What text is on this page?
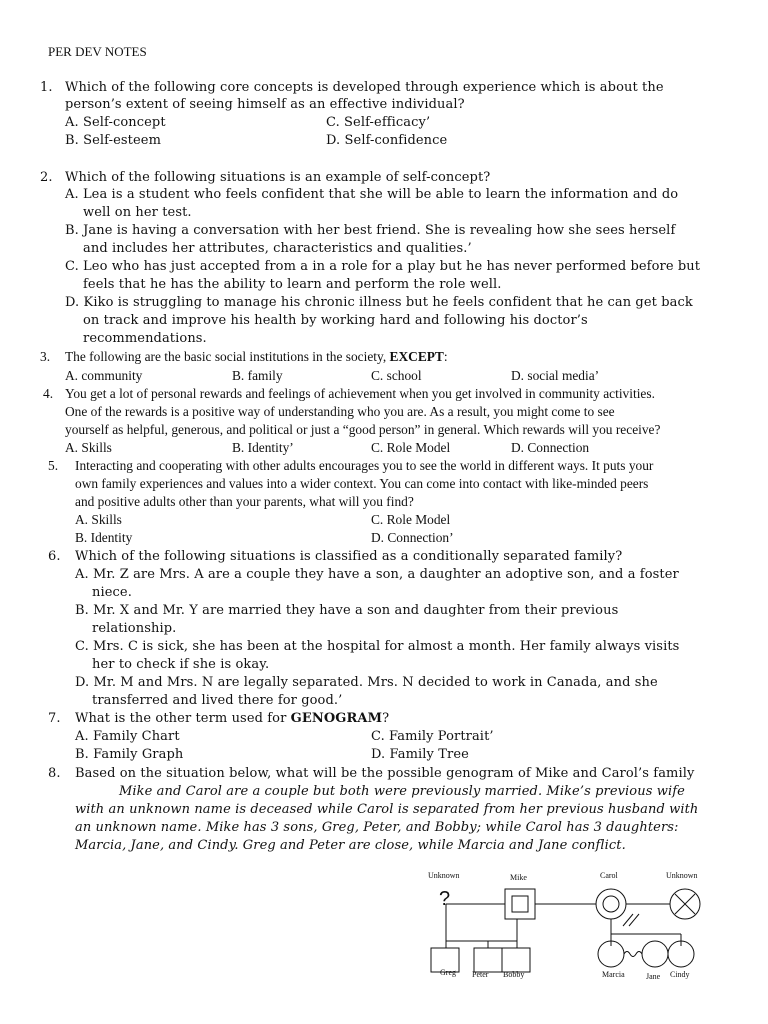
PER DEV NOTES
1. Which of the following core concepts is developed through experience which is about the
person’s extent of seeing himself as an effective individual?
A. Self-concept
B. Self-esteem
C. Self-efficacy’
D. Self-confidence
2. Which of the following situations is an example of self-concept?
A. Lea is a student who feels confident that she will be able to learn the information and do
well on her test.
B. Jane is having a conversation with her best friend. She is revealing how she sees herself
and includes her attributes, characteristics and qualities.’
C. Leo who has just accepted from a in a role for a play but he has never performed before but
feels that he has the ability to learn and perform the role well.
D. Kiko is struggling to manage his chronic illness but he feels confident that he can get back
on track and improve his health by working hard and following his doctor’s
recommendations.
3. The following are the basic social institutions in the society, EXCEPT:
A. community	B. family	C. school	D. social media’
4. You get a lot of personal rewards and feelings of achievement when you get involved in community activities.
One of the rewards is a positive way of understanding who you are. As a result, you might come to see
yourself as helpful, generous, and political or just a “good person” in general. Which rewards will you receive?
A. Skills	B. Identity’	C. Role Model	D. Connection
5. Interacting and cooperating with other adults encourages you to see the world in different ways. It puts your
own family experiences and values into a wider context. You can come into contact with like-minded peers
and positive adults other than your parents, what will you find?
A. Skills
B. Identity
C. Role Model
D. Connection’
6. Which of the following situations is classified as a conditionally separated family?
A. Mr. Z are Mrs. A are a couple they have a son, a daughter an adoptive son, and a foster
niece.
B. Mr. X and Mr. Y are married they have a son and daughter from their previous
relationship.
C. Mrs. C is sick, she has been at the hospital for almost a month. Her family always visits
her to check if she is okay.
D. Mr. M and Mrs. N are legally separated. Mrs. N decided to work in Canada, and she
transferred and lived there for good.’
7. What is the other term used for GENOGRAM?
A. Family Chart
B. Family Graph
C. Family Portrait’
D. Family Tree
8. Based on the situation below, what will be the possible genogram of Mike and Carol’s family
Mike and Carol are a couple but both were previously married. Mike’s previous wife
with an unknown name is deceased while Carol is separated from her previous husband with
an unknown name. Mike has 3 sons, Greg, Peter, and Bobby; while Carol has 3 daughters:
Marcia, Jane, and Cindy. Greg and Peter are close, while Marcia and Jane conflict.
Unknown	Mike	Carol	Unknown
?
Greg Peter Bobby	Marcia	Jane Cindy
